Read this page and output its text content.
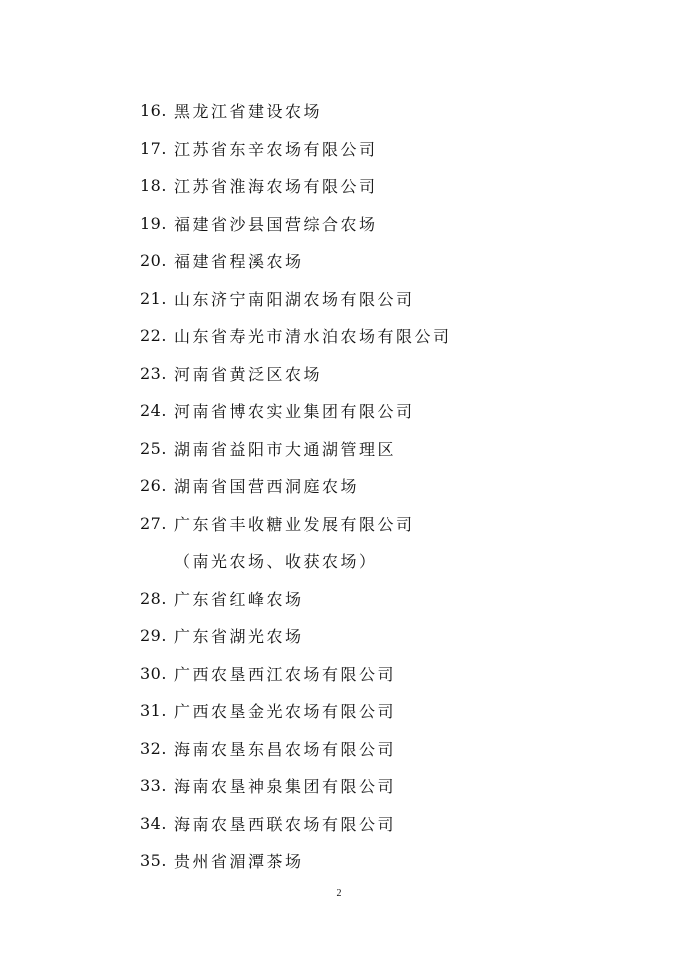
16. 黑龙江省建设农场
17. 江苏省东辛农场有限公司
18. 江苏省淮海农场有限公司
19. 福建省沙县国营综合农场
20. 福建省程溪农场
21. 山东济宁南阳湖农场有限公司
22. 山东省寿光市清水泊农场有限公司
23. 河南省黄泛区农场
24. 河南省博农实业集团有限公司
25. 湖南省益阳市大通湖管理区
26. 湖南省国营西洞庭农场
27. 广东省丰收糖业发展有限公司
（南光农场、收获农场）
28. 广东省红峰农场
29. 广东省湖光农场
30. 广西农垦西江农场有限公司
31. 广西农垦金光农场有限公司
32. 海南农垦东昌农场有限公司
33. 海南农垦神泉集团有限公司
34. 海南农垦西联农场有限公司
35. 贵州省湄潭茶场
2
